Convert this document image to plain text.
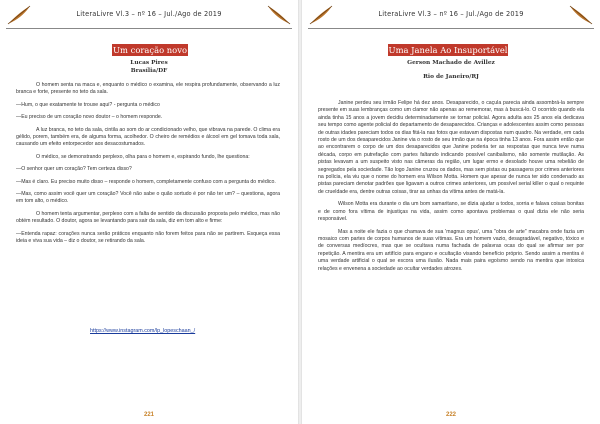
LiteraLivre Vl.3 – nº 16 – Jul./Ago de 2019
Um coração novo
Lucas Pires
Brasília/DF

O homem senta na maca e, enquanto o médico o examina, ele respira profundamente, observando a luz branca e forte, presente no teto da sala.

—Hum, o que exatamente te trouxe aqui? - pergunta o médico

—Eu preciso de um coração novo doutor – o homem responde.

A luz branca, no teto da sala, cintila ao som do ar condicionado velho, que vibrava na parede. O clima era gélido, porem, também era, de alguma forma, acolhedor. O cheiro de remédios e álcool em gel tomava toda sala, causando um efeito entorpecedor aos desacostumados.

O médico, se demonstrando perplexo, olha para o homem e, espirando fundo, lhe questiona:

—O senhor quer um coração? Tem certeza disso?

—Mas é claro. Eu preciso muito disso – responde o homem, completamente confuso com a pergunta do médico.

—Mas, como assim você quer um coração? Você não sabe o quão sortudo é por não ter um? – questiona, agora em tom alto, o médico.

O homem tenta argumentar, perplexo com a falta de sentido da discussão proposta pelo médico, mas não obtém resultado. O doutor, agora se levantando para sair da sala, diz em tom alto e firme:

—Entenda rapaz: corações nunca serão práticos enquanto não forem feitos para não se partirem. Esqueça essa ideia e viva sua vida – diz o doutor, se retirando da sala.

https://www.instagram.com/lp_lopeschaan_/
221
LiteraLivre Vl.3 – nº 16 – Jul./Ago de 2019
Uma Janela Ao Insuportável
Gerson Machado de Avillez
Rio de Janeiro/RJ

Janine perdeu seu irmão Felipe há dez anos. Desaparecido, o caçula parecia ainda assombrá-la sempre presente em suas lembranças como um clamor não apenas ao rememorar, mas à buscá-lo. O ocorrido quando ela ainda tinha 15 anos a jovem decidiu determinadamente se tornar policial. Agora adulta aos 25 anos ela dedicava seu tempo como agente policial do departamento de desaparecidos. Crianças e adolescentes assim como pessoas de outras idades pareciam todos os dias fitá-la nas fotos que estavam dispostas num quadro. Na verdade, em cada rosto de um dos desaparecidos Janine via o rosto de seu irmão que na época tinha 13 anos. Fora assim então que ao encontrarem o corpo de um dos desaparecidos que Janine poderia ter as respostas que nunca teve numa década, corpo em putrefação com partes faltando indicando possível canibalismo, não somente mutilação. As pistas levavam a um suspeito visto nas câmeras da região, um lugar ermo e desolado houve uma rebelião de segregados pela sociedade. Tão logo Janine cruzou os dados, mas sem pistas ou passagens por crimes anteriores na polícia, ela viu que o nome do homem era Wilson Motta. Homem que apesar de nunca ter sido condenado as pistas pareciam denotar padrões que ligavam a outros crimes anteriores, um possível serial killer o qual o requinte de crueldade era, dentre outras coisas, tirar as unhas da vítima antes de matá-la.

Wilson Motta era durante o dia um bom samaritano, se dizia ajudar a todos, sorria e falava coisas bonitas e de como fora vítima de injustiças na vida, assim como apontava problemas o qual dizia ele não seria responsável.

Mas a noite ele fazia o que chamava de sua 'magnus opus', uma "obra de arte" macabra onde fazia um mosaico com partes de corpos humanos de suas vítimas. Era um homem vazio, desagradável, negativo, tóxico e de conversas medíocres, mas que se ocultava numa fachada de palavras ocas do qual se afirmar ser por repetição. A mentira era um artifício para engano e ocultação visando benefício próprio. Sendo assim a mentira é uma verdade artificial o qual se escora uma ilusão. Nada mais paira egoísmo sendo na mentira que intoxica relações e envenena a sociedade ao ocultar verdades atrozes.

222
